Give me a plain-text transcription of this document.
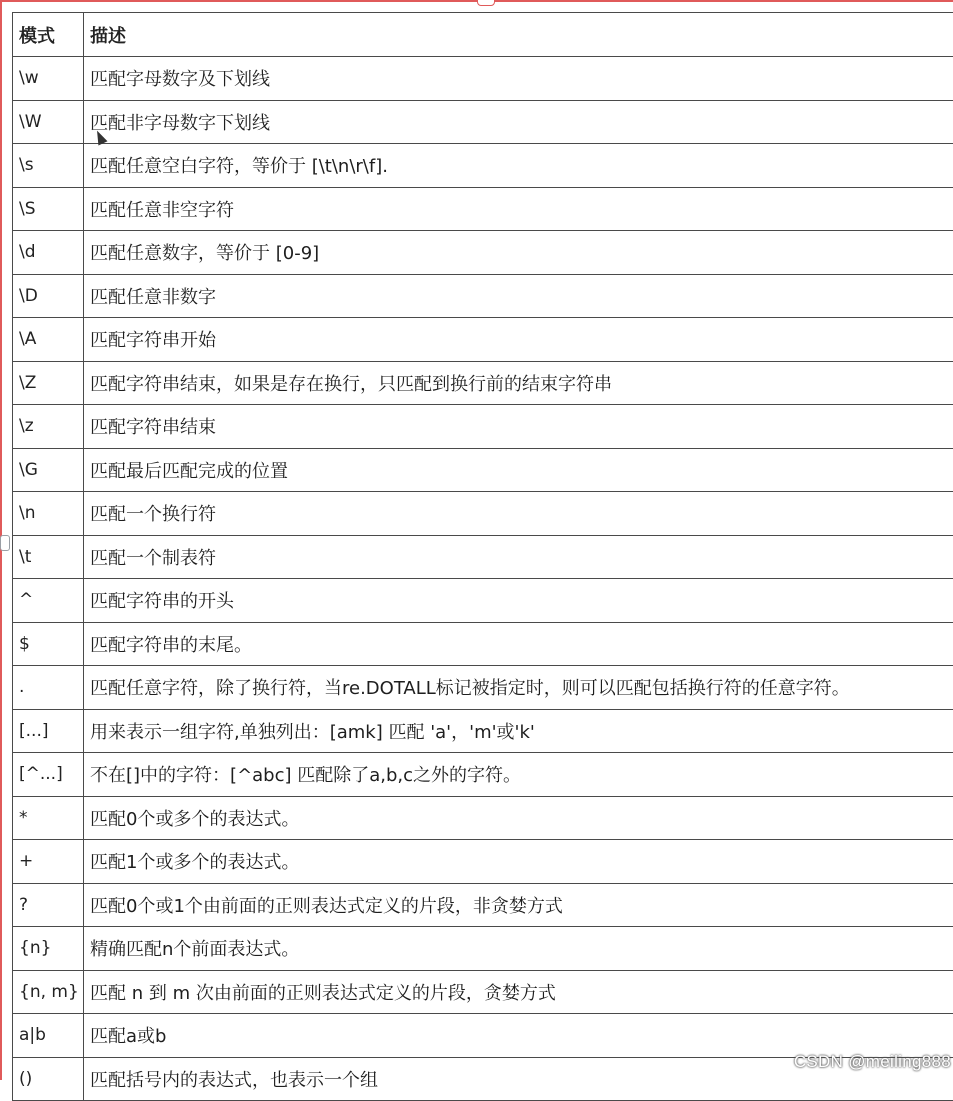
模式	描述
\w	匹配字母数字及下划线
\W	匹配非字母数字下划线
\s	匹配任意空白字符，等价于 [\t\n\r\f].
\S	匹配任意非空字符
\d	匹配任意数字，等价于 [0-9]
\D	匹配任意非数字
\A	匹配字符串开始
\Z	匹配字符串结束，如果是存在换行，只匹配到换行前的结束字符串
\z	匹配字符串结束
\G	匹配最后匹配完成的位置
\n	匹配一个换行符
\t	匹配一个制表符
^	匹配字符串的开头
$	匹配字符串的末尾。
.	匹配任意字符，除了换行符，当re.DOTALL标记被指定时，则可以匹配包括换行符的任意字符。
[...]	用来表示一组字符,单独列出：[amk] 匹配 'a'，'m'或'k'
[^...]	不在[]中的字符：[^abc] 匹配除了a,b,c之外的字符。
*	匹配0个或多个的表达式。
+	匹配1个或多个的表达式。
?	匹配0个或1个由前面的正则表达式定义的片段，非贪婪方式
{n}	精确匹配n个前面表达式。
{n, m}	匹配 n 到 m 次由前面的正则表达式定义的片段，贪婪方式
a|b	匹配a或b
()	匹配括号内的表达式，也表示一个组
CSDN @meiling888
